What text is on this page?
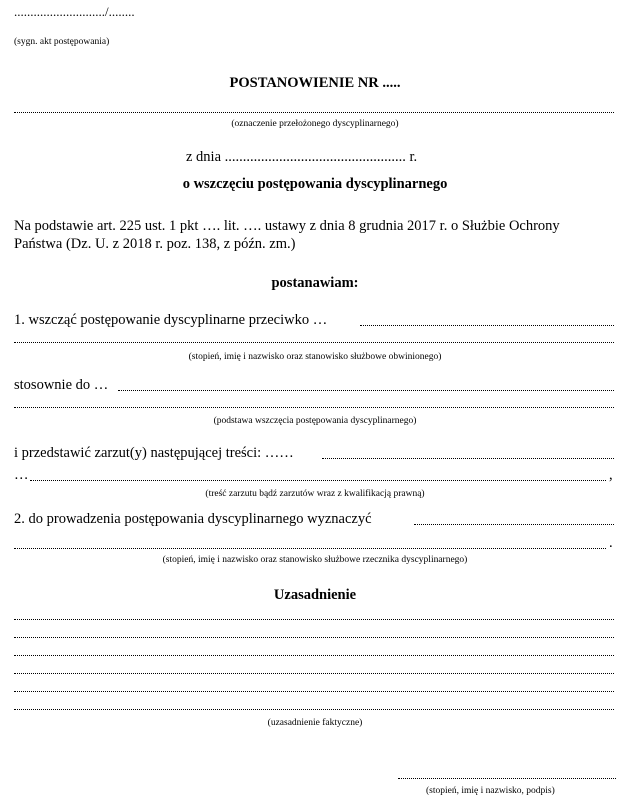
............................/........
(sygn. akt postępowania)
POSTANOWIENIE NR .....
(oznaczenie przełożonego dyscyplinarnego)
z dnia .................................................. r.
o wszczęciu postępowania dyscyplinarnego
Na podstawie art. 225 ust. 1 pkt …. lit. …. ustawy z dnia 8 grudnia 2017 r. o Służbie Ochrony
Państwa (Dz. U. z 2018 r. poz. 138, z późn. zm.)
postanawiam:
1. wszcząć postępowanie dyscyplinarne przeciwko …
(stopień, imię i nazwisko oraz stanowisko służbowe obwinionego)
stosownie do …
(podstawa wszczęcia postępowania dyscyplinarnego)
i przedstawić zarzut(y) następującej treści: ……
…	,
(treść zarzutu bądź zarzutów wraz z kwalifikacją prawną)
2. do prowadzenia postępowania dyscyplinarnego wyznaczyć
.
(stopień, imię i nazwisko oraz stanowisko służbowe rzecznika dyscyplinarnego)
Uzasadnienie
(uzasadnienie faktyczne)
(stopień, imię i nazwisko, podpis)
